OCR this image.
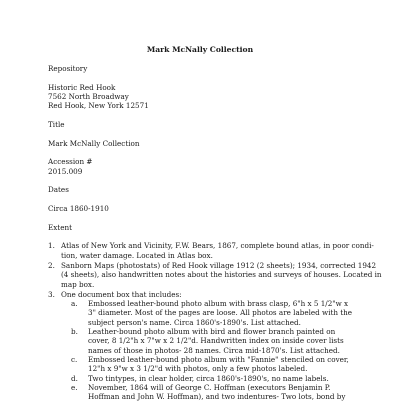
Mark McNally Collection
Repository
Historic Red Hook
7562 North Broadway
Red Hook, New York 12571
Title
Mark McNally Collection
Accession #
2015.009
Dates
Circa 1860-1910
Extent
1. Atlas of New York and Vicinity, F.W. Bears, 1867, complete bound atlas, in poor condi-
tion, water damage. Located in Atlas box.
2. Sanborn Maps (photostats) of Red Hook village 1912 (2 sheets); 1934, corrected 1942
(4 sheets), also handwritten notes about the histories and surveys of houses. Located in
map box.
3. One document box that includes:
a. Embossed leather-bound photo album with brass clasp, 6"h x 5 1/2"w x
3" diameter. Most of the pages are loose. All photos are labeled with the
subject person's name. Circa 1860's-1890's. List attached.
b. Leather-bound photo album with bird and flower branch painted on
cover, 8 1/2"h x 7"w x 2 1/2"d. Handwritten index on inside cover lists
names of those in photos- 28 names. Circa mid-1870's. List attached.
c. Embossed leather-bound photo album with "Fannie" stenciled on cover,
12"h x 9"w x 3 1/2"d with photos, only a few photos labeled.
d. Two tintypes, in clear holder, circa 1860's-1890's, no name labels.
e. November, 1864 will of George C. Hoffman (executors Benjamin P.
Hoffman and John W. Hoffman), and two indentures- Two lots, bond by
